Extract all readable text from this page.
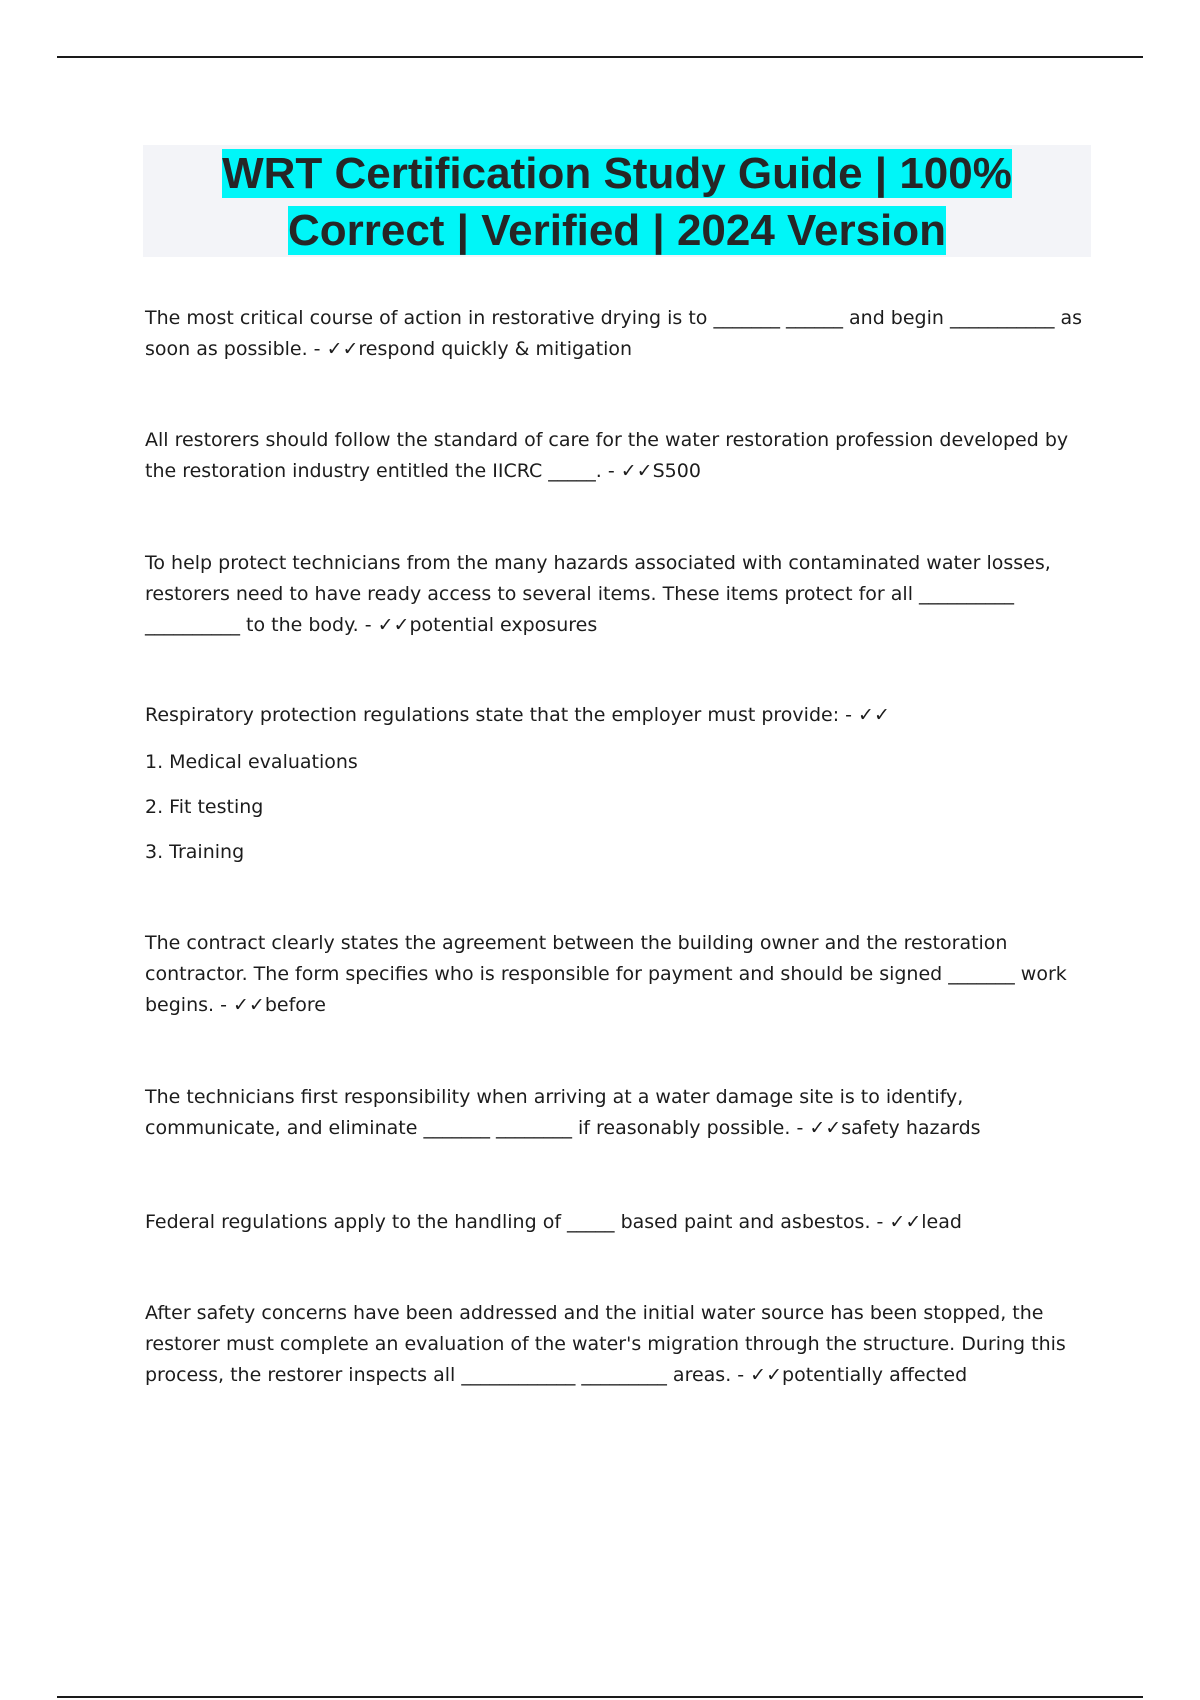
WRT Certification Study Guide | 100%
Correct | Verified | 2024 Version

The most critical course of action in restorative drying is to _______ ______ and begin ___________ as soon as possible. - ✓✓respond quickly & mitigation

All restorers should follow the standard of care for the water restoration profession developed by the restoration industry entitled the IICRC _____. - ✓✓S500

To help protect technicians from the many hazards associated with contaminated water losses, restorers need to have ready access to several items. These items protect for all __________ __________ to the body. - ✓✓potential exposures

Respiratory protection regulations state that the employer must provide: - ✓✓

1. Medical evaluations

2. Fit testing

3. Training

The contract clearly states the agreement between the building owner and the restoration contractor. The form specifies who is responsible for payment and should be signed _______ work begins. - ✓✓before

The technicians first responsibility when arriving at a water damage site is to identify, communicate, and eliminate _______ ________ if reasonably possible. - ✓✓safety hazards

Federal regulations apply to the handling of _____ based paint and asbestos. - ✓✓lead

After safety concerns have been addressed and the initial water source has been stopped, the restorer must complete an evaluation of the water's migration through the structure. During this process, the restorer inspects all ____________ _________ areas. - ✓✓potentially affected
